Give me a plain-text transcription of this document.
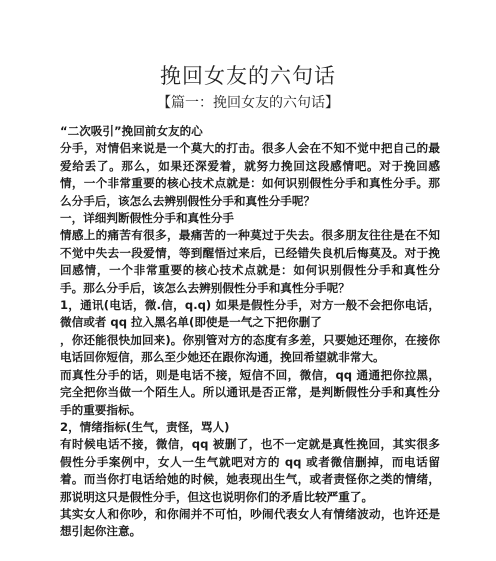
挽回女友的六句话
【篇一：挽回女友的六句话】

“二次吸引”挽回前女友的心

分手，对情侣来说是一个莫大的打击。很多人会在不知不觉中把自己的最爱给丢了。那么，如果还深爱着，就努力挽回这段感情吧。对于挽回感情，一个非常重要的核心技术点就是：如何识别假性分手和真性分手。那么分手后，该怎么去辨别假性分手和真性分手呢？

一，详细判断假性分手和真性分手

情感上的痛苦有很多，最痛苦的一种莫过于失去。很多朋友往往是在不知不觉中失去一段爱情，等到醒悟过来后，已经错失良机后悔莫及。对于挽回感情，一个非常重要的核心技术点就是：如何识别假性分手和真性分手。那么分手后，该怎么去辨别假性分手和真性分手呢？

1，通讯(电话，微.信，q.q) 如果是假性分手，对方一般不会把你电话，微信或者 qq 拉入黑名单(即使是一气之下把你删了

，你还能很快加回来)。你别管对方的态度有多差，只要她还理你，在接你电话回你短信，那么至少她还在跟你沟通，挽回希望就非常大。

而真性分手的话，则是电话不接，短信不回，微信，qq 通通把你拉黑，完全把你当做一个陌生人。所以通讯是否正常，是判断假性分手和真性分手的重要指标。

2，情绪指标(生气，责怪，骂人)

有时候电话不接，微信，qq 被删了，也不一定就是真性挽回，其实很多假性分手案例中，女人一生气就吧对方的 qq 或者微信删掉，而电话留着。而当你打电话给她的时候，她表现出生气，或者责怪你之类的情绪，那说明这只是假性分手，但这也说明你们的矛盾比较严重了。

其实女人和你吵，和你闹并不可怕，吵闹代表女人有情绪波动，也许还是想引起你注意。
